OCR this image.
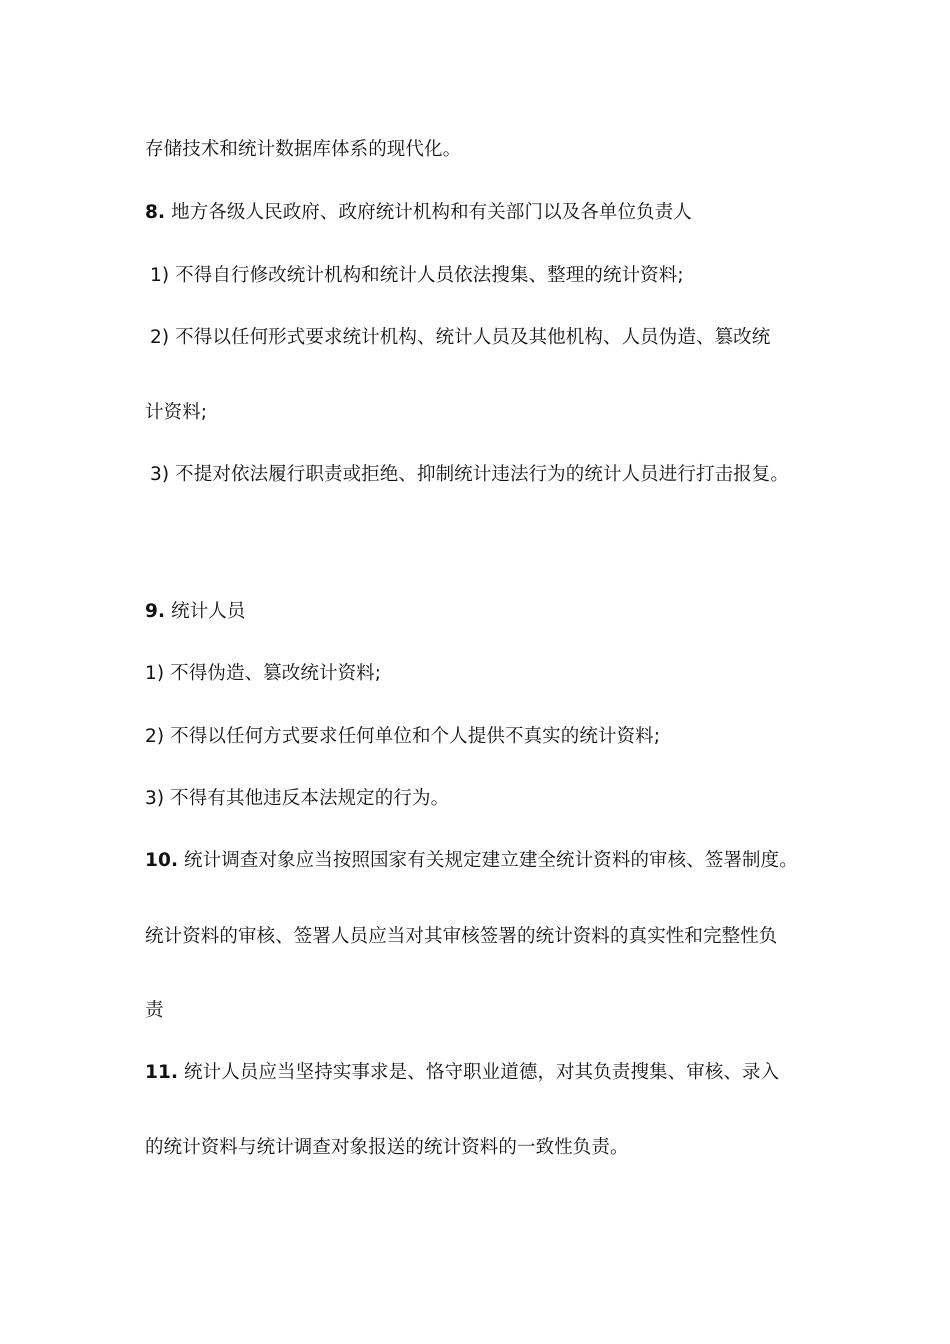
存储技术和统计数据库体系的现代化。
8. 地方各级人民政府、政府统计机构和有关部门以及各单位负责人
1) 不得自行修改统计机构和统计人员依法搜集、整理的统计资料;
2) 不得以任何形式要求统计机构、统计人员及其他机构、人员伪造、篡改统
计资料;
3) 不提对依法履行职责或拒绝、抑制统计违法行为的统计人员进行打击报复。
9. 统计人员
1) 不得伪造、篡改统计资料;
2) 不得以任何方式要求任何单位和个人提供不真实的统计资料;
3) 不得有其他违反本法规定的行为。
10. 统计调查对象应当按照国家有关规定建立建全统计资料的审核、签署制度。
统计资料的审核、签署人员应当对其审核签署的统计资料的真实性和完整性负
责
11. 统计人员应当坚持实事求是、恪守职业道德，对其负责搜集、审核、录入
的统计资料与统计调查对象报送的统计资料的一致性负责。
